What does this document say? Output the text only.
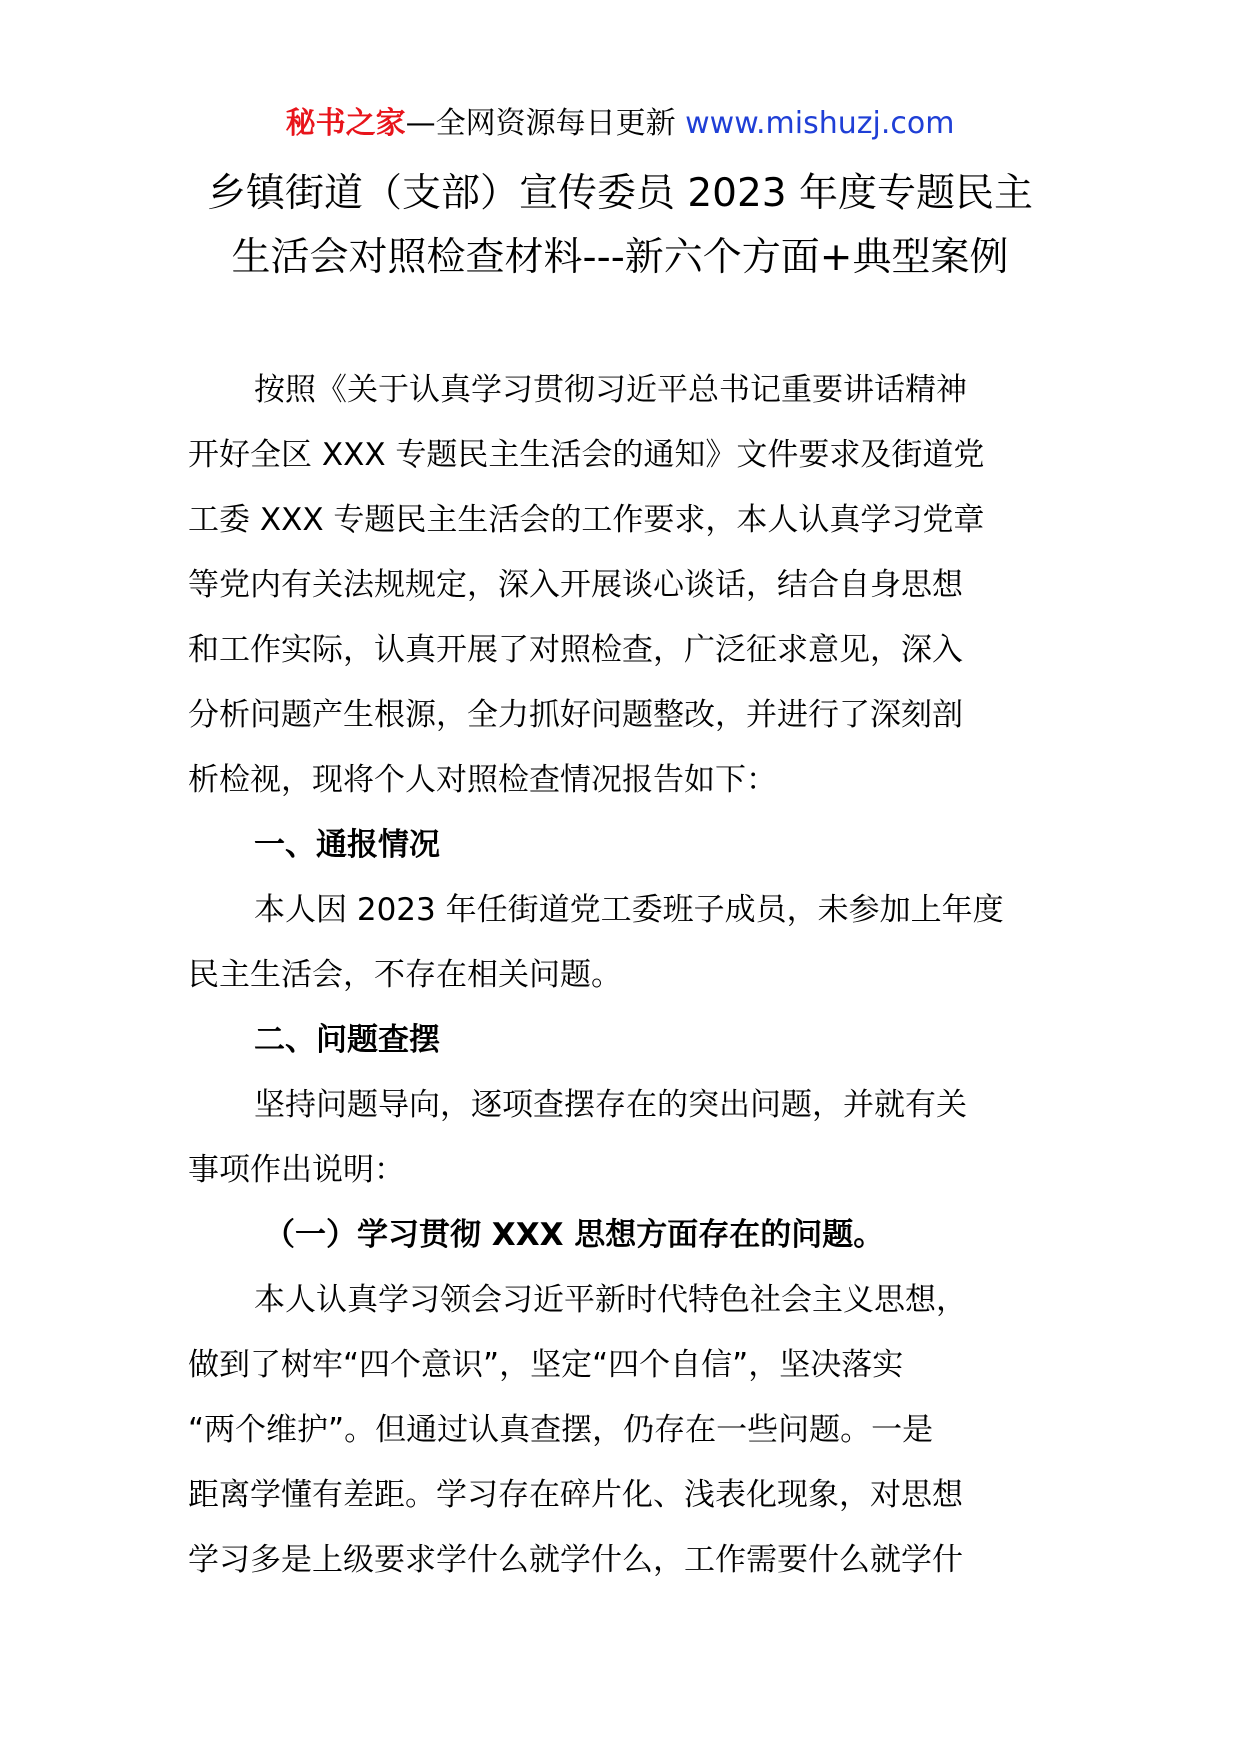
秘书之家—全网资源每日更新 www.mishuzj.com
乡镇街道（支部）宣传委员 2023 年度专题民主
生活会对照检查材料---新六个方面+典型案例

按照《关于认真学习贯彻习近平总书记重要讲话精神
开好全区 XXX 专题民主生活会的通知》文件要求及街道党
工委 XXX 专题民主生活会的工作要求，本人认真学习党章
等党内有关法规规定，深入开展谈心谈话，结合自身思想
和工作实际，认真开展了对照检查，广泛征求意见，深入
分析问题产生根源，全力抓好问题整改，并进行了深刻剖
析检视，现将个人对照检查情况报告如下：

一、通报情况

本人因 2023 年任街道党工委班子成员，未参加上年度
民主生活会，不存在相关问题。

二、问题查摆

坚持问题导向，逐项查摆存在的突出问题，并就有关
事项作出说明：

（一）学习贯彻 XXX 思想方面存在的问题。

本人认真学习领会习近平新时代特色社会主义思想，
做到了树牢“四个意识”，坚定“四个自信”，坚决落实
“两个维护”。但通过认真查摆，仍存在一些问题。一是
距离学懂有差距。学习存在碎片化、浅表化现象，对思想
学习多是上级要求学什么就学什么，工作需要什么就学什
